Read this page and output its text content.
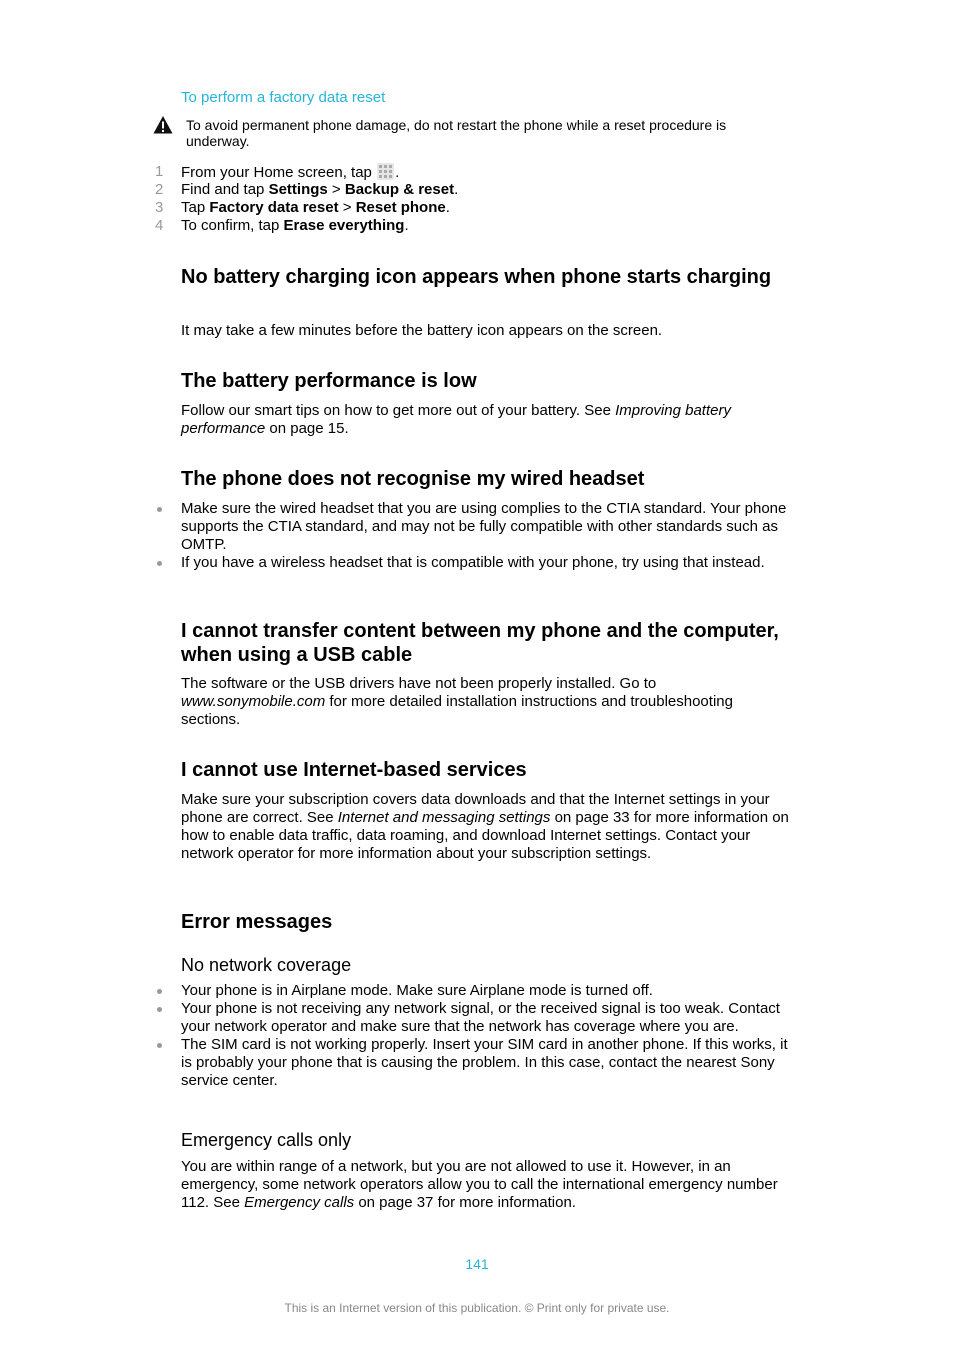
To perform a factory data reset

To avoid permanent phone damage, do not restart the phone while a reset procedure is underway.

1 From your Home screen, tap .
2 Find and tap Settings > Backup & reset.
3 Tap Factory data reset > Reset phone.
4 To confirm, tap Erase everything.
No battery charging icon appears when phone starts charging

It may take a few minutes before the battery icon appears on the screen.

The battery performance is low

Follow our smart tips on how to get more out of your battery. See Improving battery performance on page 15.

The phone does not recognise my wired headset
Make sure the wired headset that you are using complies to the CTIA standard. Your phone supports the CTIA standard, and may not be fully compatible with other standards such as OMTP.
If you have a wireless headset that is compatible with your phone, try using that instead.
I cannot transfer content between my phone and the computer, when using a USB cable

The software or the USB drivers have not been properly installed. Go to www.sonymobile.com for more detailed installation instructions and troubleshooting sections.

I cannot use Internet-based services

Make sure your subscription covers data downloads and that the Internet settings in your phone are correct. See Internet and messaging settings on page 33 for more information on how to enable data traffic, data roaming, and download Internet settings. Contact your network operator for more information about your subscription settings.

Error messages
No network coverage
Your phone is in Airplane mode. Make sure Airplane mode is turned off.
Your phone is not receiving any network signal, or the received signal is too weak. Contact your network operator and make sure that the network has coverage where you are.
The SIM card is not working properly. Insert your SIM card in another phone. If this works, it is probably your phone that is causing the problem. In this case, contact the nearest Sony service center.
Emergency calls only

You are within range of a network, but you are not allowed to use it. However, in an emergency, some network operators allow you to call the international emergency number 112. See Emergency calls on page 37 for more information.

141
This is an Internet version of this publication. © Print only for private use.
